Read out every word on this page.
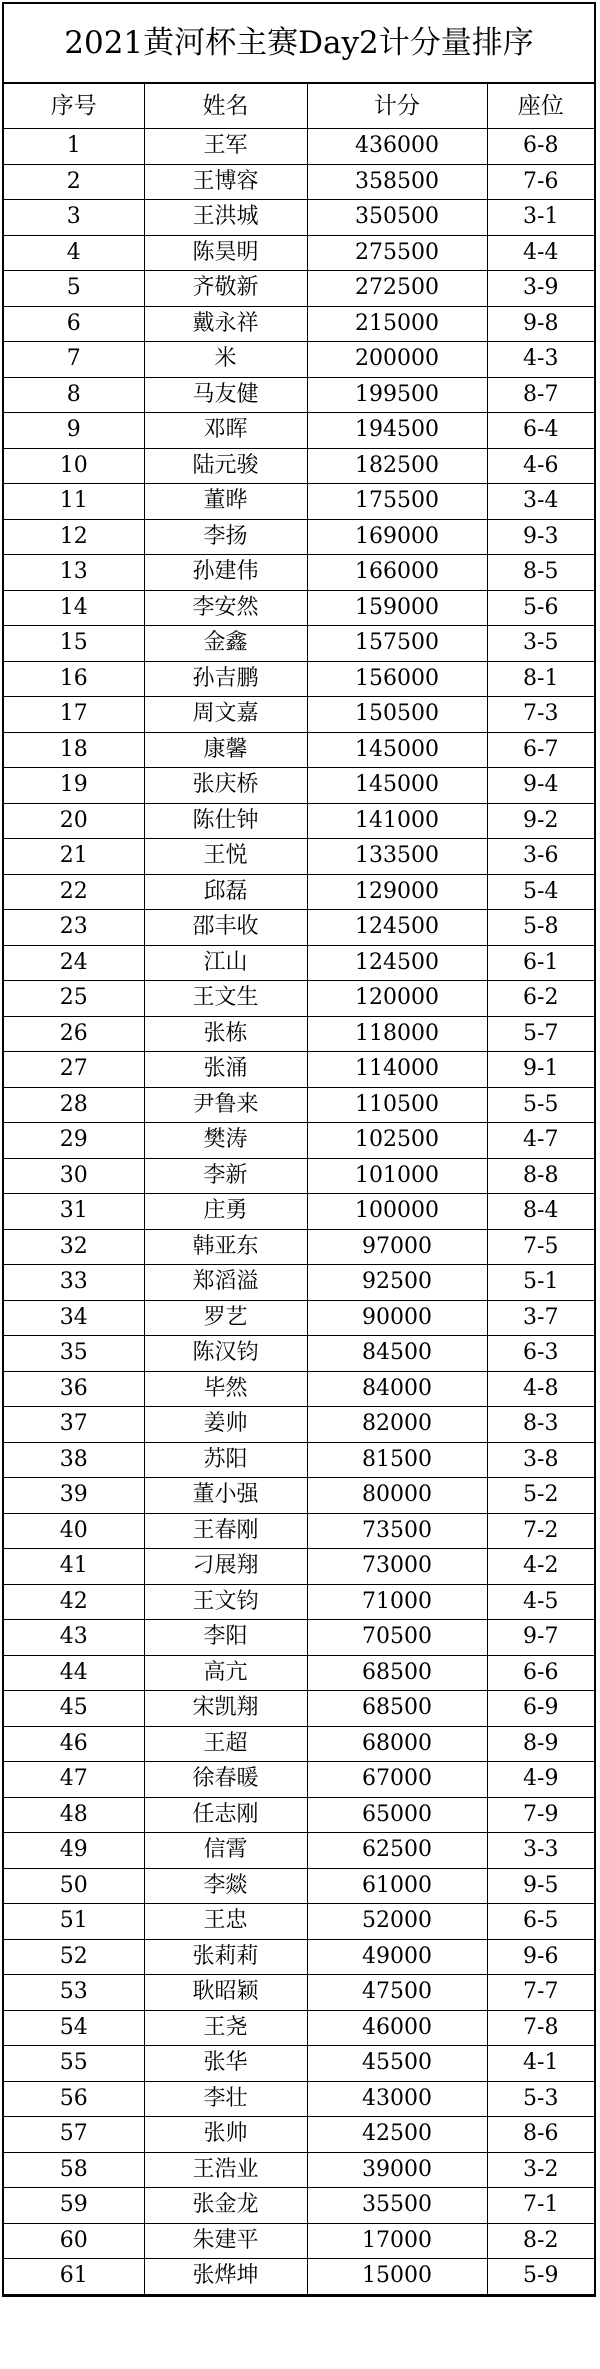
2021黄河杯主赛Day2计分量排序
序号	姓名	计分	座位
1	王军	436000	6-8
2	王博容	358500	7-6
3	王洪城	350500	3-1
4	陈昊明	275500	4-4
5	齐敬新	272500	3-9
6	戴永祥	215000	9-8
7	米	200000	4-3
8	马友健	199500	8-7
9	邓晖	194500	6-4
10	陆元骏	182500	4-6
11	董晔	175500	3-4
12	李扬	169000	9-3
13	孙建伟	166000	8-5
14	李安然	159000	5-6
15	金鑫	157500	3-5
16	孙吉鹏	156000	8-1
17	周文嘉	150500	7-3
18	康馨	145000	6-7
19	张庆桥	145000	9-4
20	陈仕钟	141000	9-2
21	王悦	133500	3-6
22	邱磊	129000	5-4
23	邵丰收	124500	5-8
24	江山	124500	6-1
25	王文生	120000	6-2
26	张栋	118000	5-7
27	张涌	114000	9-1
28	尹鲁来	110500	5-5
29	樊涛	102500	4-7
30	李新	101000	8-8
31	庄勇	100000	8-4
32	韩亚东	97000	7-5
33	郑滔溢	92500	5-1
34	罗艺	90000	3-7
35	陈汉钧	84500	6-3
36	毕然	84000	4-8
37	姜帅	82000	8-3
38	苏阳	81500	3-8
39	董小强	80000	5-2
40	王春刚	73500	7-2
41	刁展翔	73000	4-2
42	王文钧	71000	4-5
43	李阳	70500	9-7
44	高亢	68500	6-6
45	宋凯翔	68500	6-9
46	王超	68000	8-9
47	徐春暖	67000	4-9
48	任志刚	65000	7-9
49	信霄	62500	3-3
50	李燚	61000	9-5
51	王忠	52000	6-5
52	张莉莉	49000	9-6
53	耿昭颖	47500	7-7
54	王尧	46000	7-8
55	张华	45500	4-1
56	李壮	43000	5-3
57	张帅	42500	8-6
58	王浩业	39000	3-2
59	张金龙	35500	7-1
60	朱建平	17000	8-2
61	张烨坤	15000	5-9
